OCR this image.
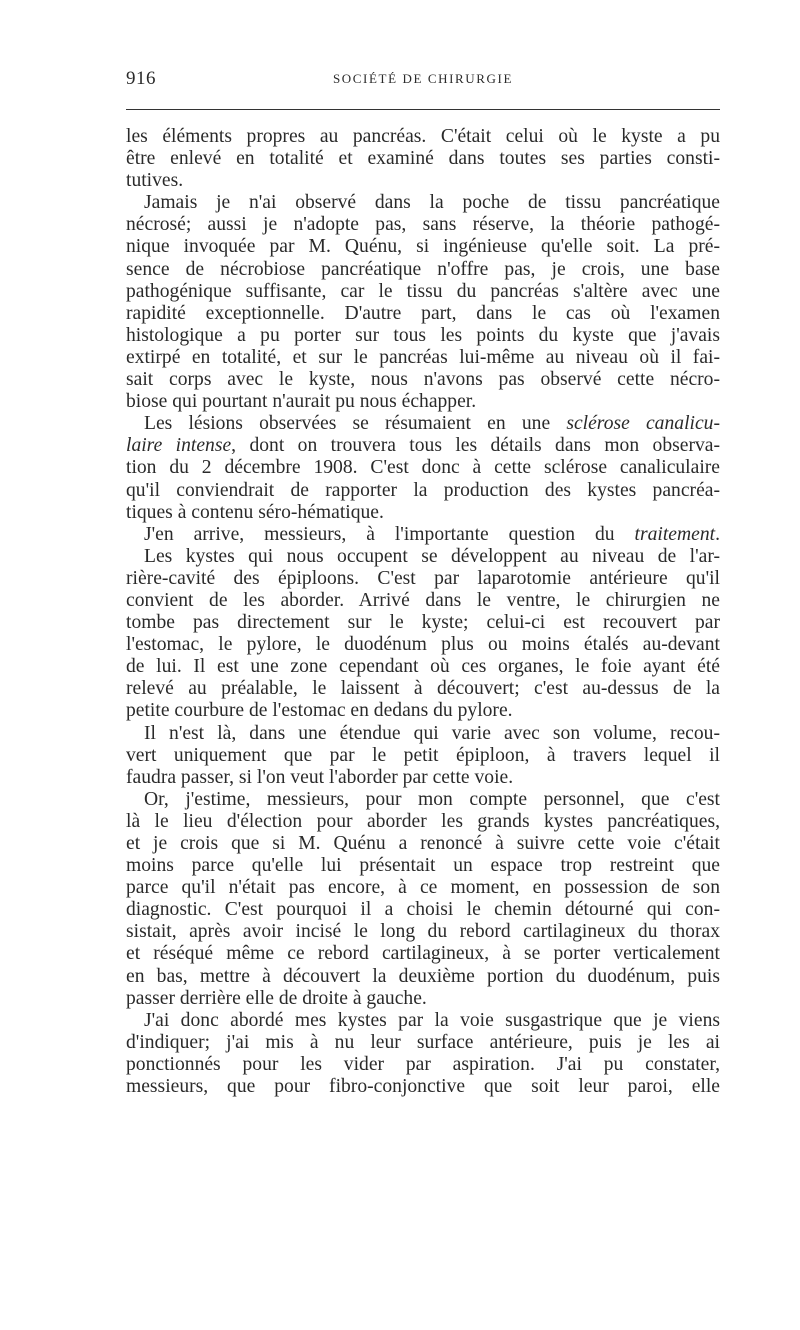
916	SOCIÉTÉ DE CHIRURGIE

les éléments propres au pancréas. C'était celui où le kyste a pu
être enlevé en totalité et examiné dans toutes ses parties consti-
tutives.

Jamais je n'ai observé dans la poche de tissu pancréatique
nécrosé; aussi je n'adopte pas, sans réserve, la théorie pathogé-
nique invoquée par M. Quénu, si ingénieuse qu'elle soit. La pré-
sence de nécrobiose pancréatique n'offre pas, je crois, une base
pathogénique suffisante, car le tissu du pancréas s'altère avec une
rapidité exceptionnelle. D'autre part, dans le cas où l'examen
histologique a pu porter sur tous les points du kyste que j'avais
extirpé en totalité, et sur le pancréas lui-même au niveau où il fai-
sait corps avec le kyste, nous n'avons pas observé cette nécro-
biose qui pourtant n'aurait pu nous échapper.

Les lésions observées se résumaient en une sclérose canalicu-
laire intense, dont on trouvera tous les détails dans mon observa-
tion du 2 décembre 1908. C'est donc à cette sclérose canaliculaire
qu'il conviendrait de rapporter la production des kystes pancréa-
tiques à contenu séro-hématique.

J'en arrive, messieurs, à l'importante question du traitement.

Les kystes qui nous occupent se développent au niveau de l'ar-
rière-cavité des épiploons. C'est par laparotomie antérieure qu'il
convient de les aborder. Arrivé dans le ventre, le chirurgien ne
tombe pas directement sur le kyste; celui-ci est recouvert par
l'estomac, le pylore, le duodénum plus ou moins étalés au-devant
de lui. Il est une zone cependant où ces organes, le foie ayant été
relevé au préalable, le laissent à découvert; c'est au-dessus de la
petite courbure de l'estomac en dedans du pylore.

Il n'est là, dans une étendue qui varie avec son volume, recou-
vert uniquement que par le petit épiploon, à travers lequel il
faudra passer, si l'on veut l'aborder par cette voie.

Or, j'estime, messieurs, pour mon compte personnel, que c'est
là le lieu d'élection pour aborder les grands kystes pancréatiques,
et je crois que si M. Quénu a renoncé à suivre cette voie c'était
moins parce qu'elle lui présentait un espace trop restreint que
parce qu'il n'était pas encore, à ce moment, en possession de son
diagnostic. C'est pourquoi il a choisi le chemin détourné qui con-
sistait, après avoir incisé le long du rebord cartilagineux du thorax
et réséqué même ce rebord cartilagineux, à se porter verticalement
en bas, mettre à découvert la deuxième portion du duodénum, puis
passer derrière elle de droite à gauche.

J'ai donc abordé mes kystes par la voie susgastrique que je viens
d'indiquer; j'ai mis à nu leur surface antérieure, puis je les ai
ponctionnés pour les vider par aspiration. J'ai pu constater,
messieurs, que pour fibro-conjonctive que soit leur paroi, elle
